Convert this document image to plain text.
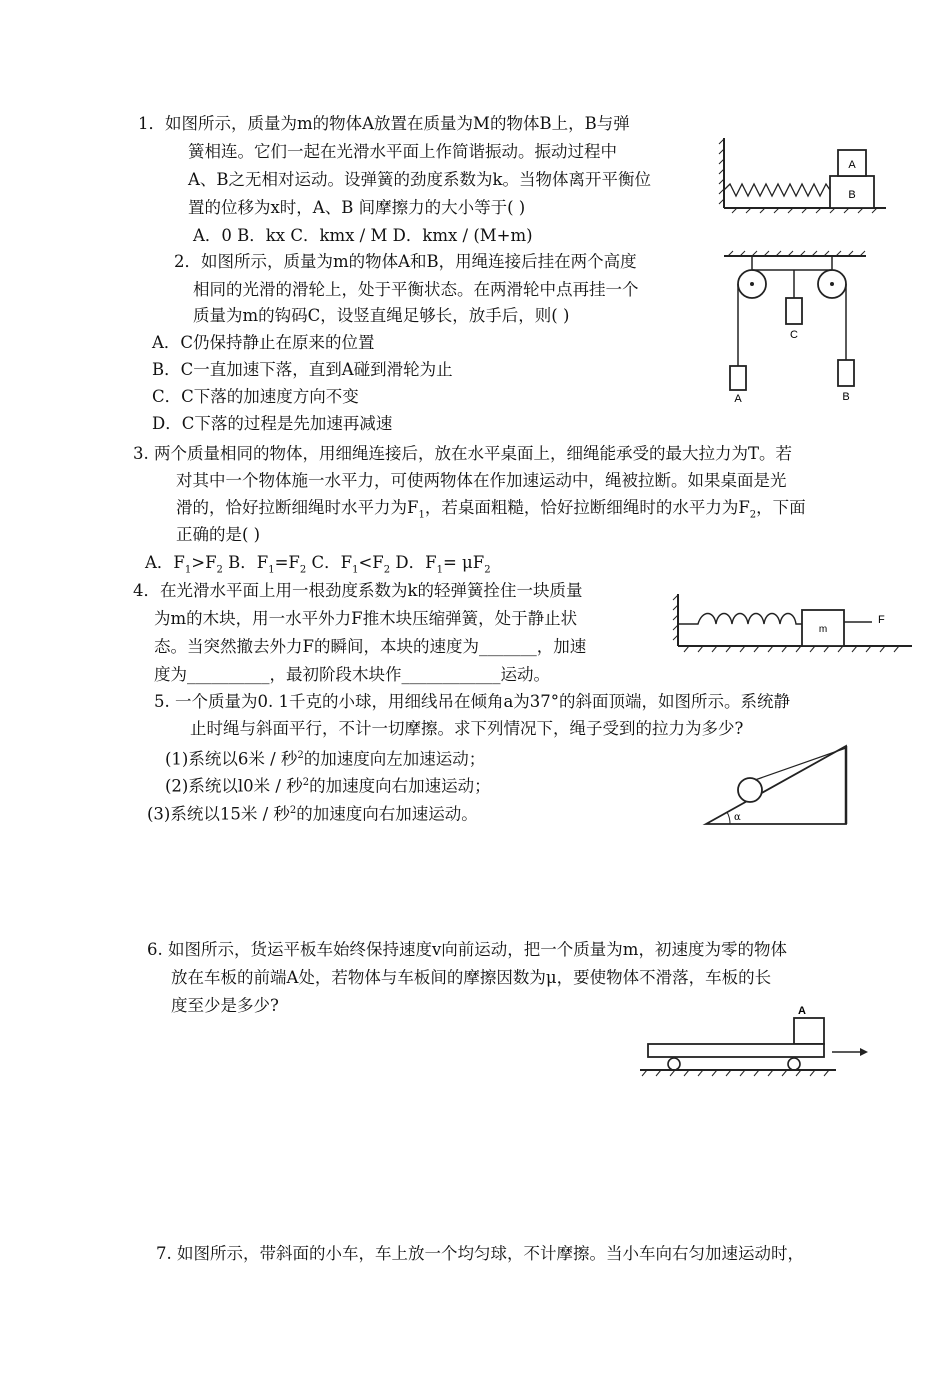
1．如图所示，质量为m的物体A放置在质量为M的物体B上，B与弹
簧相连。它们一起在光滑水平面上作简谐振动。振动过程中
A、B之无相对运动。设弹簧的劲度系数为k。当物体离开平衡位
置的位移为x时，A、B 间摩擦力的大小等于( )
A．0 B．kx C．kmx / M D．kmx / (M+m)
A
B
2．如图所示，质量为m的物体A和B，用绳连接后挂在两个高度
相同的光滑的滑轮上，处于平衡状态。在两滑轮中点再挂一个
质量为m的钩码C，设竖直绳足够长，放手后，则( )
A．C仍保持静止在原来的位置
B．C一直加速下落，直到A碰到滑轮为止
C．C下落的加速度方向不变
D．C下落的过程是先加速再减速
C
A	B
3. 两个质量相同的物体，用细绳连接后，放在水平桌面上，细绳能承受的最大拉力为T。若
对其中一个物体施一水平力，可使两物体在作加速运动中，绳被拉断。如果桌面是光
滑的，恰好拉断细绳时水平力为$F_1$，若桌面粗糙，恰好拉断细绳时的水平力为$F_2$，下面
正确的是( )
A．$F_1>F_2$ B．$F_1=F_2$ C．$F_1<F_2$ D．$F_1= \mu F_2$
4．在光滑水平面上用一根劲度系数为k的轻弹簧拴住一块质量
为m的木块，用一水平外力F推木块压缩弹簧，处于静止状
态。当突然撤去外力F的瞬间，本块的速度为_______，加速
度为__________，最初阶段木块作____________运动。
m
F
5. 一个质量为0. 1千克的小球，用细线吊在倾角a为37°的斜面顶端，如图所示。系统静
止时绳与斜面平行，不计一切摩擦。求下列情况下，绳子受到的拉力为多少?
(1)系统以6米 / 秒$^2$的加速度向左加速运动；
(2)系统以l0米 / 秒$^2$的加速度向右加速运动；
(3)系统以15米 / 秒$^2$的加速度向右加速运动。	α
6. 如图所示，货运平板车始终保持速度v向前运动，把一个质量为m，初速度为零的物体
放在车板的前端A处，若物体与车板间的摩擦因数为μ，要使物体不滑落，车板的长
度至少是多少?	A
7. 如图所示，带斜面的小车，车上放一个均匀球，不计摩擦。当小车向右匀加速运动时，
